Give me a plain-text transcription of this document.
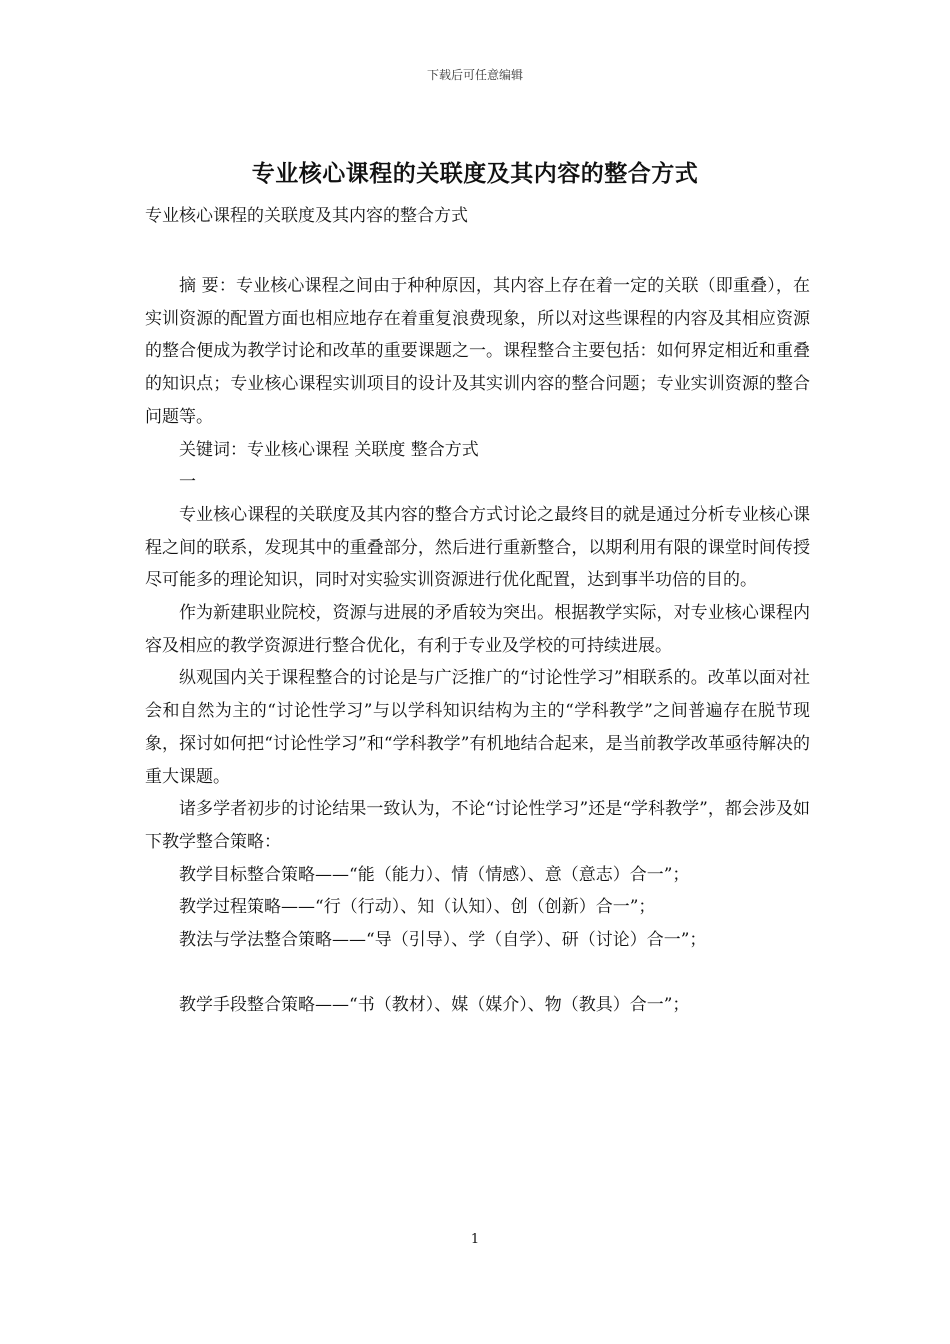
下载后可任意编辑
专业核心课程的关联度及其内容的整合方式
专业核心课程的关联度及其内容的整合方式

摘 要：专业核心课程之间由于种种原因，其内容上存在着一定的关联（即重叠），在实训资源的配置方面也相应地存在着重复浪费现象，所以对这些课程的内容及其相应资源的整合便成为教学讨论和改革的重要课题之一。课程整合主要包括：如何界定相近和重叠的知识点；专业核心课程实训项目的设计及其实训内容的整合问题；专业实训资源的整合问题等。

关键词：专业核心课程 关联度 整合方式

一

专业核心课程的关联度及其内容的整合方式讨论之最终目的就是通过分析专业核心课程之间的联系，发现其中的重叠部分，然后进行重新整合，以期利用有限的课堂时间传授尽可能多的理论知识，同时对实验实训资源进行优化配置，达到事半功倍的目的。

作为新建职业院校，资源与进展的矛盾较为突出。根据教学实际，对专业核心课程内容及相应的教学资源进行整合优化，有利于专业及学校的可持续进展。

纵观国内关于课程整合的讨论是与广泛推广的“讨论性学习”相联系的。改革以面对社会和自然为主的“讨论性学习”与以学科知识结构为主的“学科教学”之间普遍存在脱节现象，探讨如何把“讨论性学习”和“学科教学”有机地结合起来，是当前教学改革亟待解决的重大课题。

诸多学者初步的讨论结果一致认为，不论“讨论性学习”还是“学科教学”，都会涉及如下教学整合策略：

教学目标整合策略——“能（能力）、情（情感）、意（意志）合一”；

教学过程策略——“行（行动）、知（认知）、创（创新）合一”；

教法与学法整合策略——“导（引导）、学（自学）、研（讨论）合一”；

教学手段整合策略——“书（教材）、媒（媒介）、物（教具）合一”；

1
